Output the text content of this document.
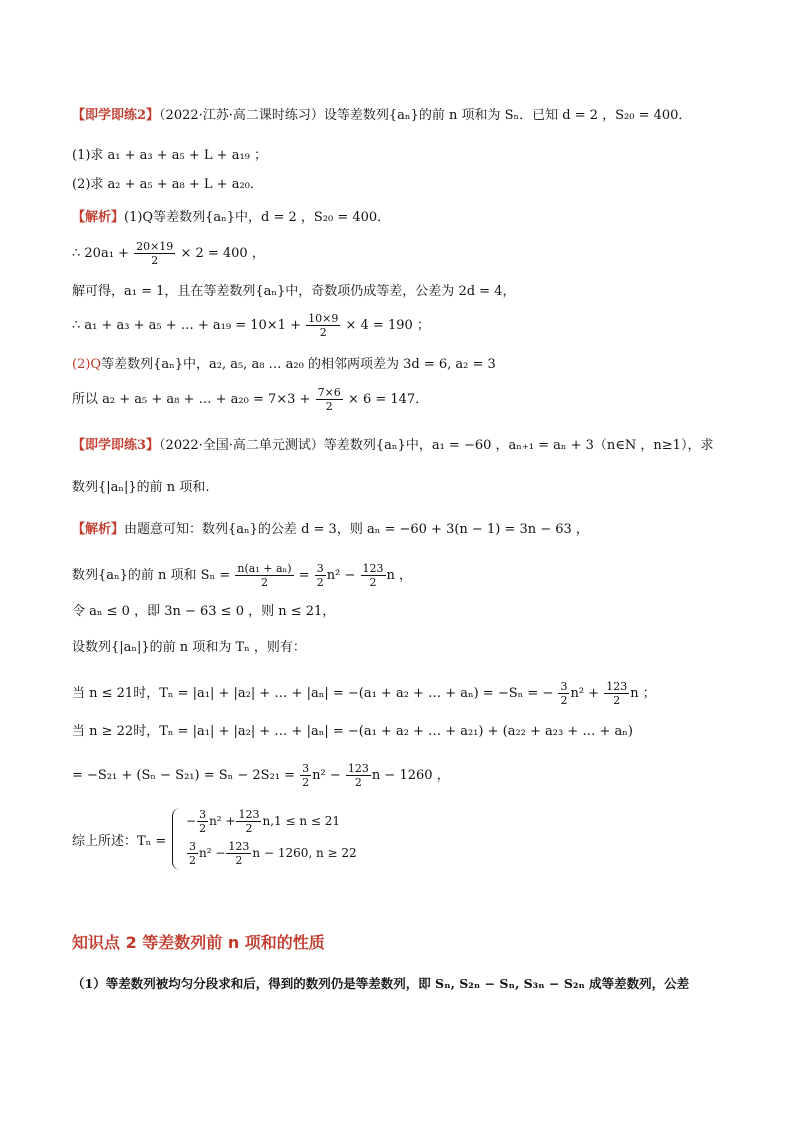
【即学即练2】（2022·江苏·高二课时练习）设等差数列{aₙ}的前 n 项和为 Sₙ．已知 d = 2 ，S₂₀ = 400．
(1)求 a₁ + a₃ + a₅ + L + a₁₉ ；
(2)求 a₂ + a₅ + a₈ + L + a₂₀．
【解析】(1)Q等差数列{aₙ}中，d = 2 ，S₂₀ = 400．
∴ $20a_1 + \frac{20\times 19}{2} \times 2 = 400$ ，
解可得，a₁ = 1，且在等差数列{aₙ}中，奇数项仍成等差，公差为 2d = 4，
∴ a₁ + a₃ + a₅ + … + $a_{19} = 10\times 1 + \frac{10\times 9}{2} \times 4 = 190$ ；
(2)Q等差数列{aₙ}中，a₂, a₅, a₈ … a₂₀ 的相邻两项差为 3d = 6, a₂ = 3
所以 a₂ + a₅ + a₈ + … + $a_{20} = 7\times 3 + \frac{7\times 6}{2} \times 6 = 147$．
【即学即练3】（2022·全国·高二单元测试）等差数列{aₙ}中，a₁ = −60 ，aₙ₊₁ = aₙ + 3（n∈N ，n≥1），求
数列{|aₙ|}的前 n 项和.
【解析】由题意可知：数列{aₙ}的公差 d = 3，则 aₙ = −60 + 3(n − 1) = 3n − 63 ，
数列{aₙ}的前 n 项和 $S_n = \frac{\text{n(a₁ + aₙ)}}{2} = \frac{3}{2} n^2 - \frac{123}{2}$ n ，
令 aₙ ≤ 0 ，即 3n − 63 ≤ 0 ，则 n ≤ 21，
设数列{|aₙ|}的前 n 项和为 Tₙ ，则有：
当 n ≤ 21时，Tₙ = |a₁| + |a₂| + … + |aₙ| = −(a₁ + a₂ + … + aₙ) = −Sₙ = − $\frac{3}{2} n^2 + \frac{123}{2}$ n ；
当 n ≥ 22时，Tₙ = |a₁| + |a₂| + … + |aₙ| = −(a₁ + a₂ + … + a₂₁) + (a₂₂ + a₂₃ + … + aₙ)
= $-S_{21} + (S_n - S_{21}) = S_n - 2S_{21} = \frac{3}{2} n^2 - \frac{123}{2}$ n − 1260 ，
综上所述：Tₙ =
− $\frac{3}{2} n^2 + \frac{123}{2} n,1 \le n \le 21$
$\frac{3}{2} n^2 - \frac{123}{2}$ n − 1260, n ≥ 22
知识点 2 等差数列前 n 项和的性质
（1）等差数列被均匀分段求和后，得到的数列仍是等差数列，即 Sₙ, S₂ₙ − Sₙ, S₃ₙ − S₂ₙ 成等差数列，公差
